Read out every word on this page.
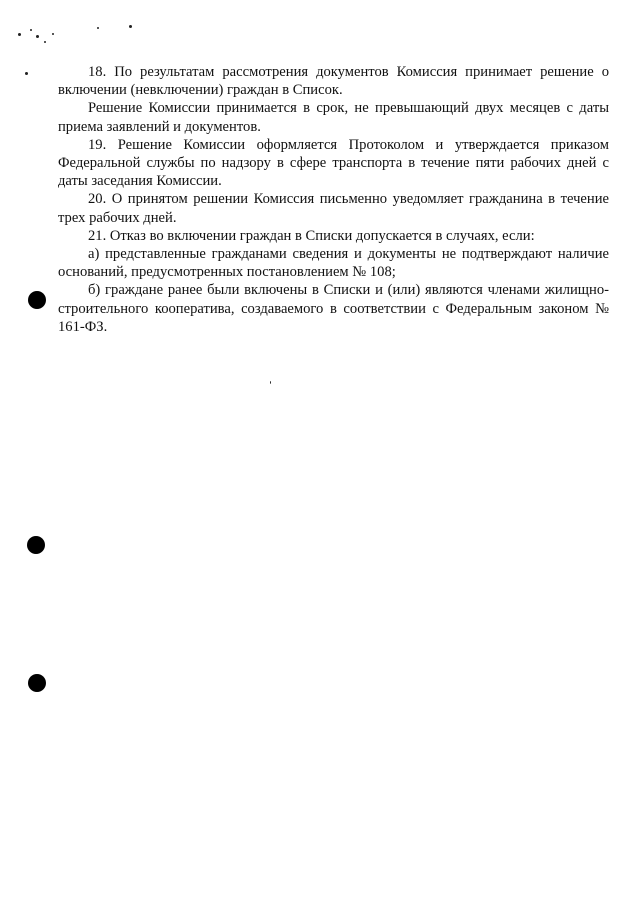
18. По результатам рассмотрения документов Комиссия принимает решение о включении (невключении) граждан в Список.

Решение Комиссии принимается в срок, не превышающий двух месяцев с даты приема заявлений и документов.

19. Решение Комиссии оформляется Протоколом и утверждается приказом Федеральной службы по надзору в сфере транспорта в течение пяти рабочих дней с даты заседания Комиссии.

20. О принятом решении Комиссия письменно уведомляет гражданина в течение трех рабочих дней.

21. Отказ во включении граждан в Списки допускается в случаях, если:

а) представленные гражданами сведения и документы не подтверждают наличие оснований, предусмотренных постановлением № 108;

б) граждане ранее были включены в Списки и (или) являются членами жилищно-строительного кооператива, создаваемого в соответствии с Федеральным законом № 161-ФЗ.
